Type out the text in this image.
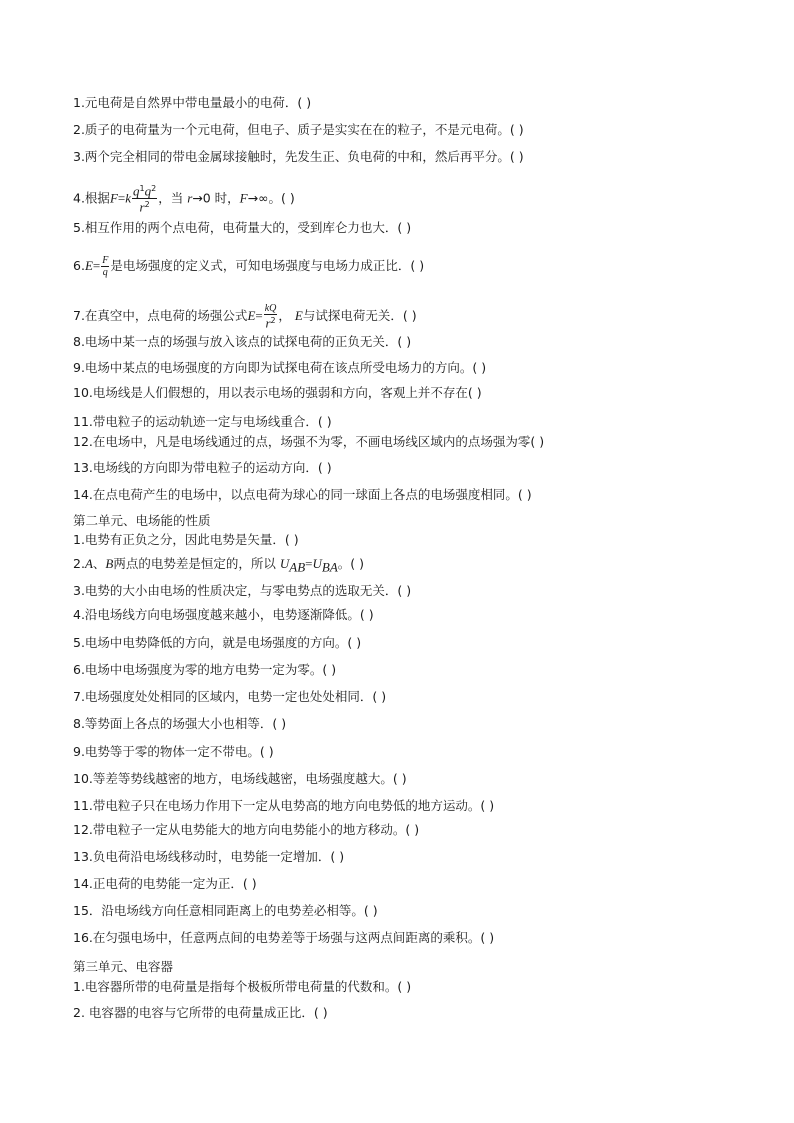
1.元电荷是自然界中带电量最小的电荷．( )
2.质子的电荷量为一个元电荷，但电子、质子是实实在在的粒子，不是元电荷。( )
3.两个完全相同的带电金属球接触时，先发生正、负电荷的中和，然后再平分。( )
4.根据$F=k \frac{q^1q^2}{r^2}$ ，当 r→0 时，F→∞。( )
5.相互作用的两个点电荷，电荷量大的，受到库仑力也大．( )
$6.E= \frac{F}{q}$ 是电场强度的定义式，可知电场强度与电场力成正比．( )
7.在真空中，点电荷的场强公式$E= \frac{kQ}{r^2}$ ， E与试探电荷无关．( )
8.电场中某一点的场强与放入该点的试探电荷的正负无关．( )
9.电场中某点的电场强度的方向即为试探电荷在该点所受电场力的方向。( )
10.电场线是人们假想的，用以表示电场的强弱和方向，客观上并不存在( )
11.带电粒子的运动轨迹一定与电场线重合．( )
12.在电场中，凡是电场线通过的点，场强不为零，不画电场线区域内的点场强为零( )
13.电场线的方向即为带电粒子的运动方向．( )
14.在点电荷产生的电场中，以点电荷为球心的同一球面上各点的电场强度相同。( )
第二单元、电场能的性质
1.电势有正负之分，因此电势是矢量．( )
2.A、B两点的电势差是恒定的，所以 $U_{AB}=U_{BA}$。( )
3.电势的大小由电场的性质决定，与零电势点的选取无关．( )
4.沿电场线方向电场强度越来越小，电势逐渐降低。( )
5.电场中电势降低的方向，就是电场强度的方向。( )
6.电场中电场强度为零的地方电势一定为零。( )
7.电场强度处处相同的区域内，电势一定也处处相同．( )
8.等势面上各点的场强大小也相等．( )
9.电势等于零的物体一定不带电。( )
10.等差等势线越密的地方，电场线越密，电场强度越大。( )
11.带电粒子只在电场力作用下一定从电势高的地方向电势低的地方运动。( )
12.带电粒子一定从电势能大的地方向电势能小的地方移动。( )
13.负电荷沿电场线移动时，电势能一定增加．( )
14.正电荷的电势能一定为正．( )
15．沿电场线方向任意相同距离上的电势差必相等。( )
16.在匀强电场中，任意两点间的电势差等于场强与这两点间距离的乘积。( )
第三单元、电容器
1.电容器所带的电荷量是指每个极板所带电荷量的代数和。( )
2. 电容器的电容与它所带的电荷量成正比．( )
